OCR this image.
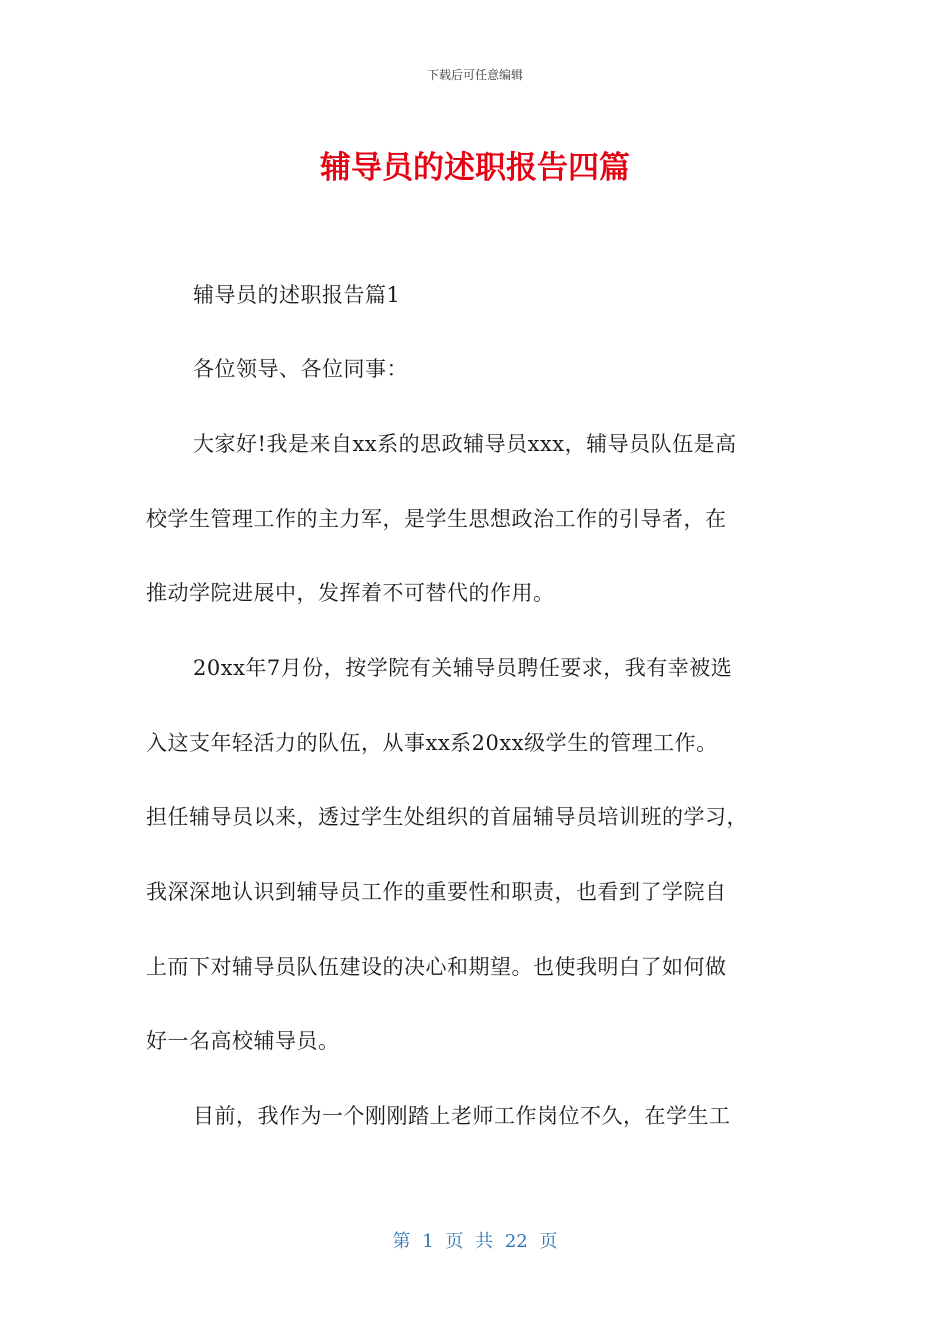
下载后可任意编辑
辅导员的述职报告四篇
辅导员的述职报告篇1
各位领导、各位同事：
大家好!我是来自xx系的思政辅导员xxx，辅导员队伍是高
校学生管理工作的主力军，是学生思想政治工作的引导者，在
推动学院进展中，发挥着不可替代的作用。
20xx年7月份，按学院有关辅导员聘任要求，我有幸被选
入这支年轻活力的队伍，从事xx系20xx级学生的管理工作。
担任辅导员以来，透过学生处组织的首届辅导员培训班的学习，
我深深地认识到辅导员工作的重要性和职责，也看到了学院自
上而下对辅导员队伍建设的决心和期望。也使我明白了如何做
好一名高校辅导员。
目前，我作为一个刚刚踏上老师工作岗位不久，在学生工
第 1 页 共 22 页
